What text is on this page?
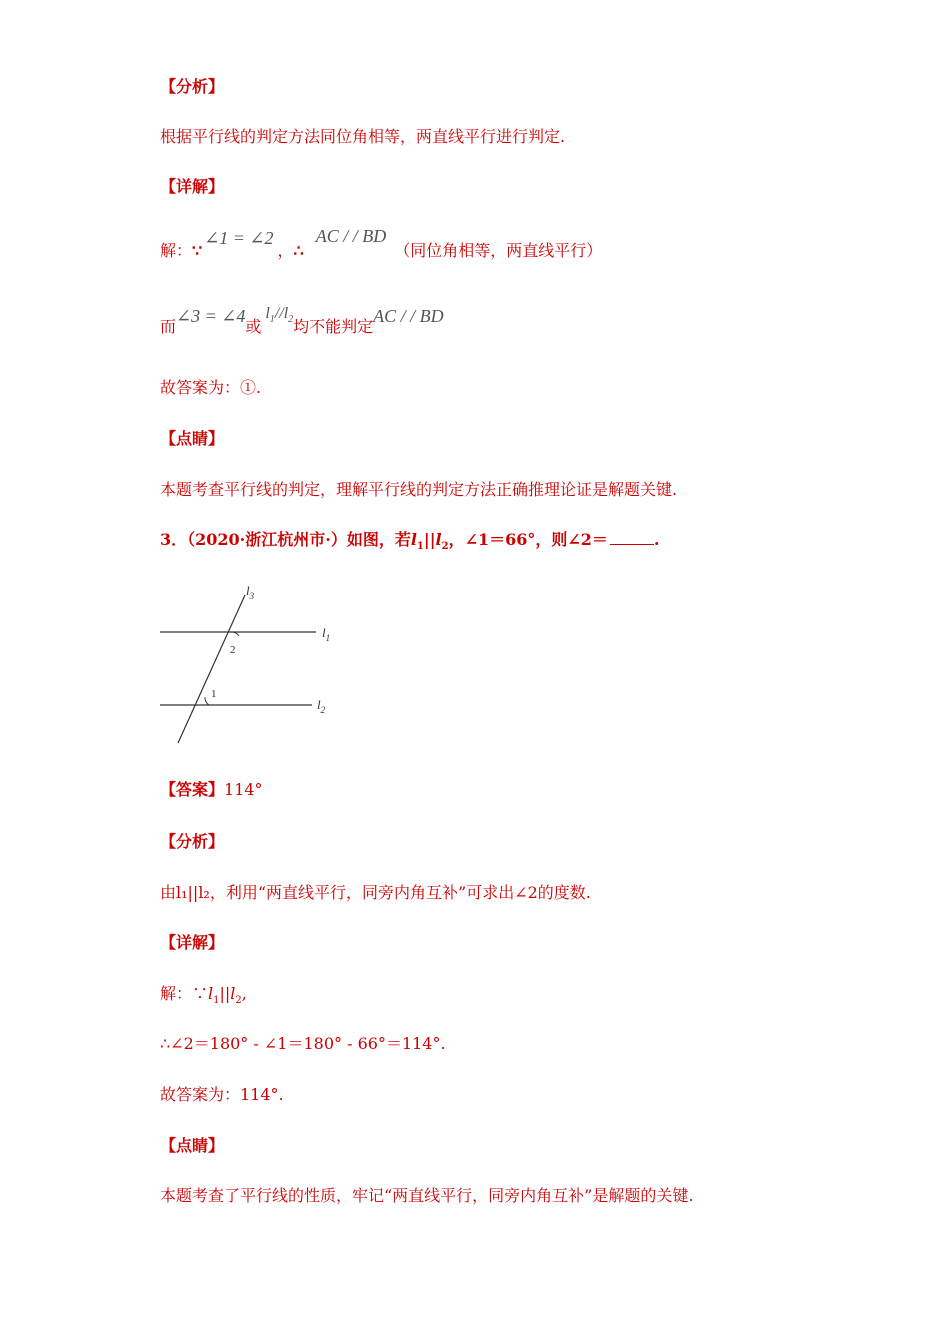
【分析】
根据平行线的判定方法同位角相等，两直线平行进行判定.
【详解】
解：∵∠1 = ∠2，∴AC / / BD（同位角相等，两直线平行）
而∠3 = ∠4或$l_1//l_2$均不能判定AC / / BD
故答案为：①.
【点睛】
本题考查平行线的判定，理解平行线的判定方法正确推理论证是解题关键.
3．（2020·浙江杭州市·）如图，若$l_1||l_2$，∠1＝66°，则∠2＝	.
$l_3$
$l_1$
$l_2$
2
1
【答案】114°
【分析】
由l₁||l₂，利用“两直线平行，同旁内角互补”可求出∠2的度数.
【详解】
解：$\because l_1||l_2$,
∴∠2＝180° - ∠1＝180° - 66°＝114°.
故答案为：114°.
【点睛】
本题考查了平行线的性质，牢记“两直线平行，同旁内角互补”是解题的关键.
